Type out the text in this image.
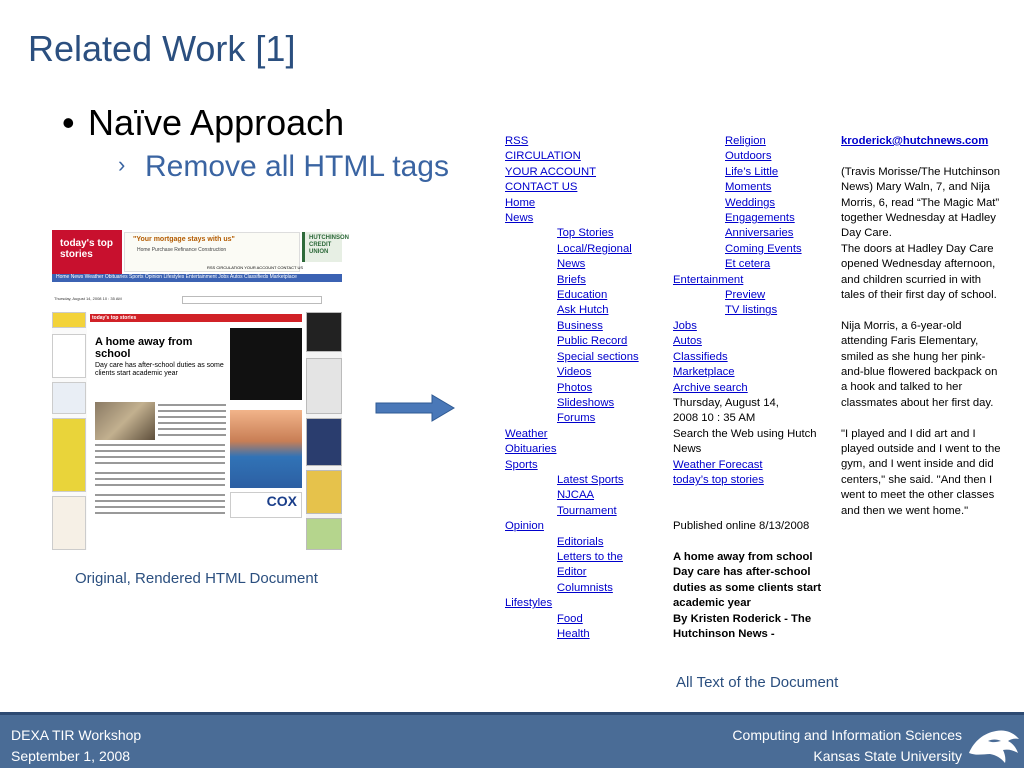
Related Work [1]
• Naïve Approach
› Remove all HTML tags
today's top stories
"Your mortgage stays with us"
Home Purchase Refinance Construction
HUTCHINSON CREDIT UNION
RSS CIRCULATION YOUR ACCOUNT CONTACT US
Home News Weather Obituaries Sports Opinion Lifestyles Entertainment Jobs Autos Classifieds Marketplace
Thursday, August 14, 2008 10 : 35 AM
today's top stories
A home away from school
Day care has after-school duties as some clients start academic year
COX
Original, Rendered HTML Document
RSS
CIRCULATION
YOUR ACCOUNT
CONTACT US
Home
News
Top Stories
Local/Regional
News
Briefs
Education
Ask Hutch
Business
Public Record
Special sections
Videos
Photos
Slideshows
Forums
Weather
Obituaries
Sports
Latest Sports
NJCAA
Tournament
Opinion
Editorials
Letters to the
Editor
Columnists
Lifestyles
Food
Health
Religion
Outdoors
Life’s Little
Moments
Weddings
Engagements
Anniversaries
Coming Events
Et cetera
Entertainment
Preview
TV listings
Jobs
Autos
Classifieds
Marketplace
Archive search
Thursday, August 14,
2008 10 : 35 AM
Search the Web using Hutch
News
Weather Forecast
today’s top stories
Published online 8/13/2008
A home away from school
Day care has after-school
duties as some clients start
academic year
By Kristen Roderick - The
Hutchinson News -
kroderick@hutchnews.com
(Travis Morisse/The Hutchinson News) Mary Waln, 7, and Nija Morris, 6, read “The Magic Mat” together Wednesday at Hadley Day Care.
The doors at Hadley Day Care opened Wednesday afternoon, and children scurried in with tales of their first day of school.
Nija Morris, a 6-year-old attending Faris Elementary, smiled as she hung her pink-and-blue flowered backpack on a hook and talked to her classmates about her first day.
"I played and I did art and I played outside and I went to the gym, and I went inside and did centers," she said. "And then I went to meet the other classes and then we went home."
All Text of the Document
DEXA TIR Workshop
September 1, 2008
Computing and Information Sciences
Kansas State University
